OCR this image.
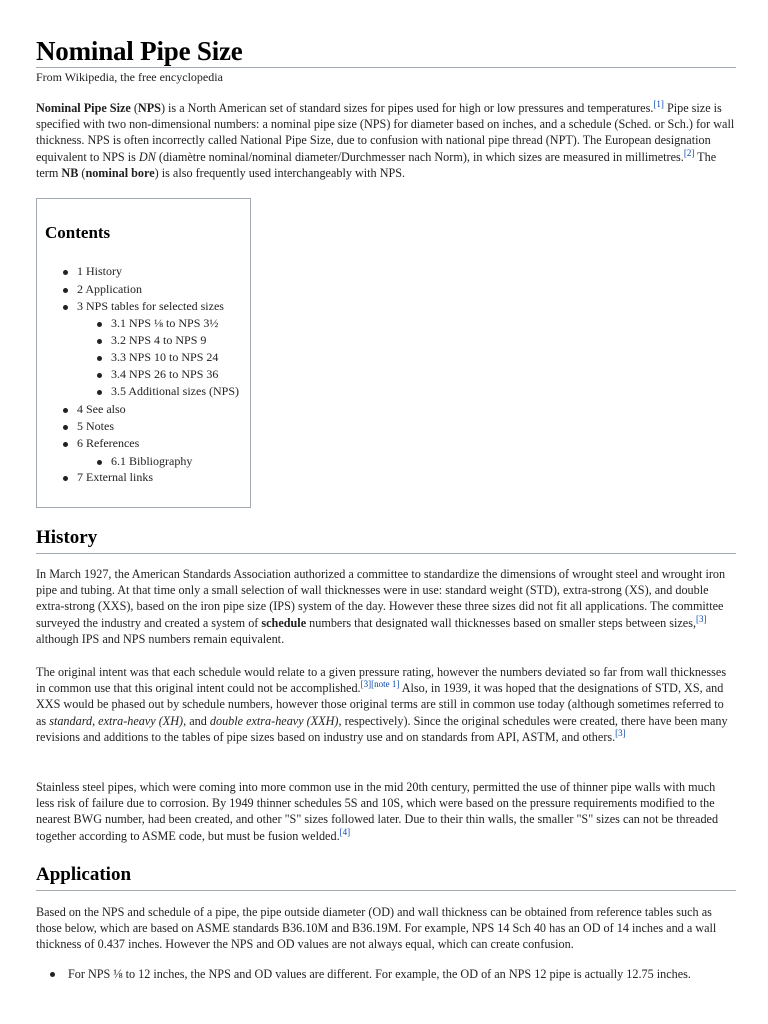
Nominal Pipe Size
From Wikipedia, the free encyclopedia

Nominal Pipe Size (NPS) is a North American set of standard sizes for pipes used for high or low pressures and temperatures.[1] Pipe size is specified with two non-dimensional numbers: a nominal pipe size (NPS) for diameter based on inches, and a schedule (Sched. or Sch.) for wall thickness. NPS is often incorrectly called National Pipe Size, due to confusion with national pipe thread (NPT). The European designation equivalent to NPS is DN (diamètre nominal/nominal diameter/Durchmesser nach Norm), in which sizes are measured in millimetres.[2] The term NB (nominal bore) is also frequently used interchangeably with NPS.

Contents
1 History
2 Application
3 NPS tables for selected sizes
3.1 NPS ⅛ to NPS 3½
3.2 NPS 4 to NPS 9
3.3 NPS 10 to NPS 24
3.4 NPS 26 to NPS 36
3.5 Additional sizes (NPS)
4 See also
5 Notes
6 References
6.1 Bibliography
7 External links
History

In March 1927, the American Standards Association authorized a committee to standardize the dimensions of wrought steel and wrought iron pipe and tubing. At that time only a small selection of wall thicknesses were in use: standard weight (STD), extra-strong (XS), and double extra-strong (XXS), based on the iron pipe size (IPS) system of the day. However these three sizes did not fit all applications. The committee surveyed the industry and created a system of schedule numbers that designated wall thicknesses based on smaller steps between sizes,[3] although IPS and NPS numbers remain equivalent.

The original intent was that each schedule would relate to a given pressure rating, however the numbers deviated so far from wall thicknesses in common use that this original intent could not be accomplished.[3][note 1] Also, in 1939, it was hoped that the designations of STD, XS, and XXS would be phased out by schedule numbers, however those original terms are still in common use today (although sometimes referred to as standard, extra-heavy (XH), and double extra-heavy (XXH), respectively). Since the original schedules were created, there have been many revisions and additions to the tables of pipe sizes based on industry use and on standards from API, ASTM, and others.[3]

Stainless steel pipes, which were coming into more common use in the mid 20th century, permitted the use of thinner pipe walls with much less risk of failure due to corrosion. By 1949 thinner schedules 5S and 10S, which were based on the pressure requirements modified to the nearest BWG number, had been created, and other "S" sizes followed later. Due to their thin walls, the smaller "S" sizes can not be threaded together according to ASME code, but must be fusion welded.[4]

Application

Based on the NPS and schedule of a pipe, the pipe outside diameter (OD) and wall thickness can be obtained from reference tables such as those below, which are based on ASME standards B36.10M and B36.19M. For example, NPS 14 Sch 40 has an OD of 14 inches and a wall thickness of 0.437 inches. However the NPS and OD values are not always equal, which can create confusion.

For NPS ⅛ to 12 inches, the NPS and OD values are different. For example, the OD of an NPS 12 pipe is actually 12.75 inches.
